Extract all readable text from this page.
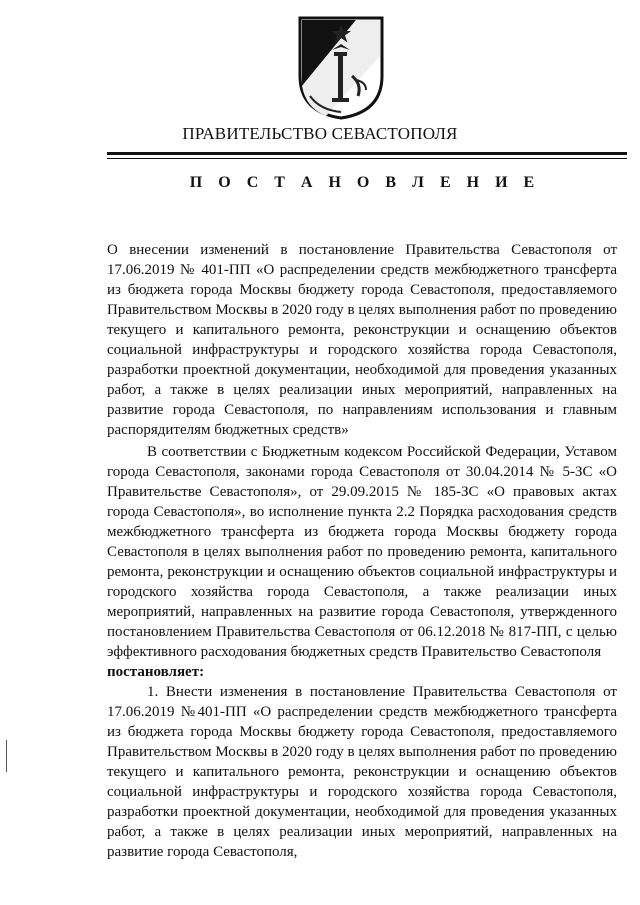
ПРАВИТЕЛЬСТВО СЕВАСТОПОЛЯ
П О С Т А Н О В Л Е Н И Е
О внесении изменений в постановление Правительства Севастополя от 17.06.2019 № 401-ПП «О распределении средств межбюджетного трансферта из бюджета города Москвы бюджету города Севастополя, предоставляемого Правительством Москвы в 2020 году в целях выполнения работ по проведению текущего и капитального ремонта, реконструкции и оснащению объектов социальной инфраструктуры и городского хозяйства города Севастополя, разработки проектной документации, необходимой для проведения указанных работ, а также в целях реализации иных мероприятий, направленных на развитие города Севастополя, по направлениям использования и главным распорядителям бюджетных средств»
В соответствии с Бюджетным кодексом Российской Федерации, Уставом города Севастополя, законами города Севастополя от 30.04.2014 № 5-ЗС «О Правительстве Севастополя», от 29.09.2015 № 185-ЗС «О правовых актах города Севастополя», во исполнение пункта 2.2 Порядка расходования средств межбюджетного трансферта из бюджета города Москвы бюджету города Севастополя в целях выполнения работ по проведению ремонта, капитального ремонта, реконструкции и оснащению объектов социальной инфраструктуры и городского хозяйства города Севастополя, а также реализации иных мероприятий, направленных на развитие города Севастополя, утвержденного постановлением Правительства Севастополя от 06.12.2018 № 817-ПП, с целью эффективного расходования бюджетных средств Правительство Севастополя
постановляет:
1. Внести изменения в постановление Правительства Севастополя от 17.06.2019 №401-ПП «О распределении средств межбюджетного трансферта из бюджета города Москвы бюджету города Севастополя, предоставляемого Правительством Москвы в 2020 году в целях выполнения работ по проведению текущего и капитального ремонта, реконструкции и оснащению объектов социальной инфраструктуры и городского хозяйства города Севастополя, разработки проектной документации, необходимой для проведения указанных работ, а также в целях реализации иных мероприятий, направленных на развитие города Севастополя,
